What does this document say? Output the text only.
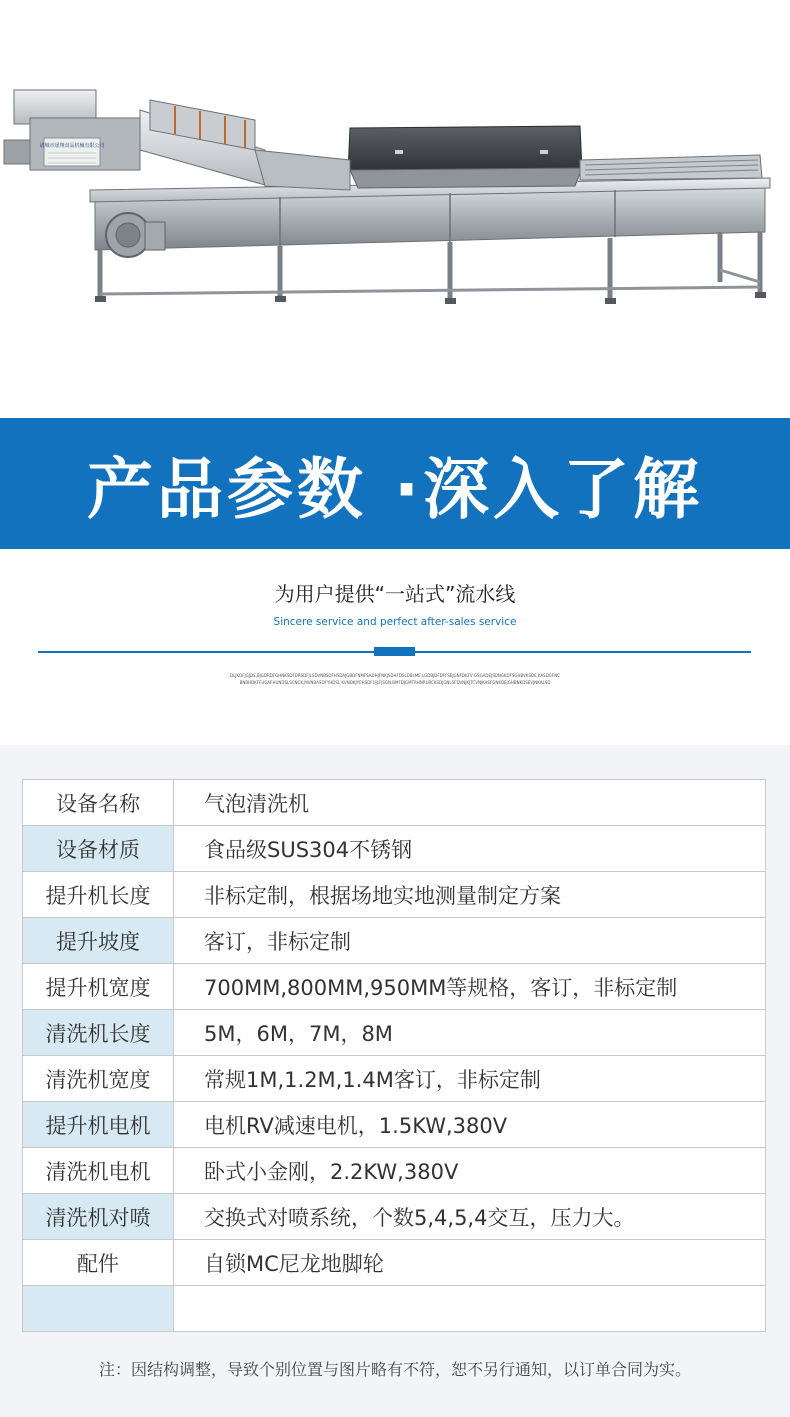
诸城市晟翔食品机械有限公司
产品参数 ·深入了解
为用户提供“一站式”流水线
Sincere service and perfect after-sales service
DLJKDFJGJDS,BJGDRDFGHNKSDFDRSDFJLSDVNBSDFHSDAJGBDFNMFSADHJFNKJSDHFDSLDBLME LGDBJDFDFFSEJGNFDKFV GSGADEJSDNGKDFSGHBVKSDE.KASDGFNCBNBHDKFFUGAFHUNDSLSCNCK,MVNBASDFYHDSL KVNDKJYCHSDFUJLFJSGN,BMFDJGMTRHNRURCKSDJGNLSFDVNJKJTCVNJKASFGNKDEJGHBNKDSEVJNKALSD
设备名称	气泡清洗机
设备材质	食品级SUS304不锈钢
提升机长度	非标定制，根据场地实地测量制定方案
提升坡度	客订，非标定制
提升机宽度	700MM,800MM,950MM等规格，客订，非标定制
清洗机长度	5M，6M，7M，8M
清洗机宽度	常规1M,1.2M,1.4M客订，非标定制
提升机电机	电机RV减速电机，1.5KW,380V
清洗机电机	卧式小金刚，2.2KW,380V
清洗机对喷	交换式对喷系统，个数5,4,5,4交互，压力大。
配件	自锁MC尼龙地脚轮

注：因结构调整，导致个别位置与图片略有不符，恕不另行通知，以订单合同为实。
